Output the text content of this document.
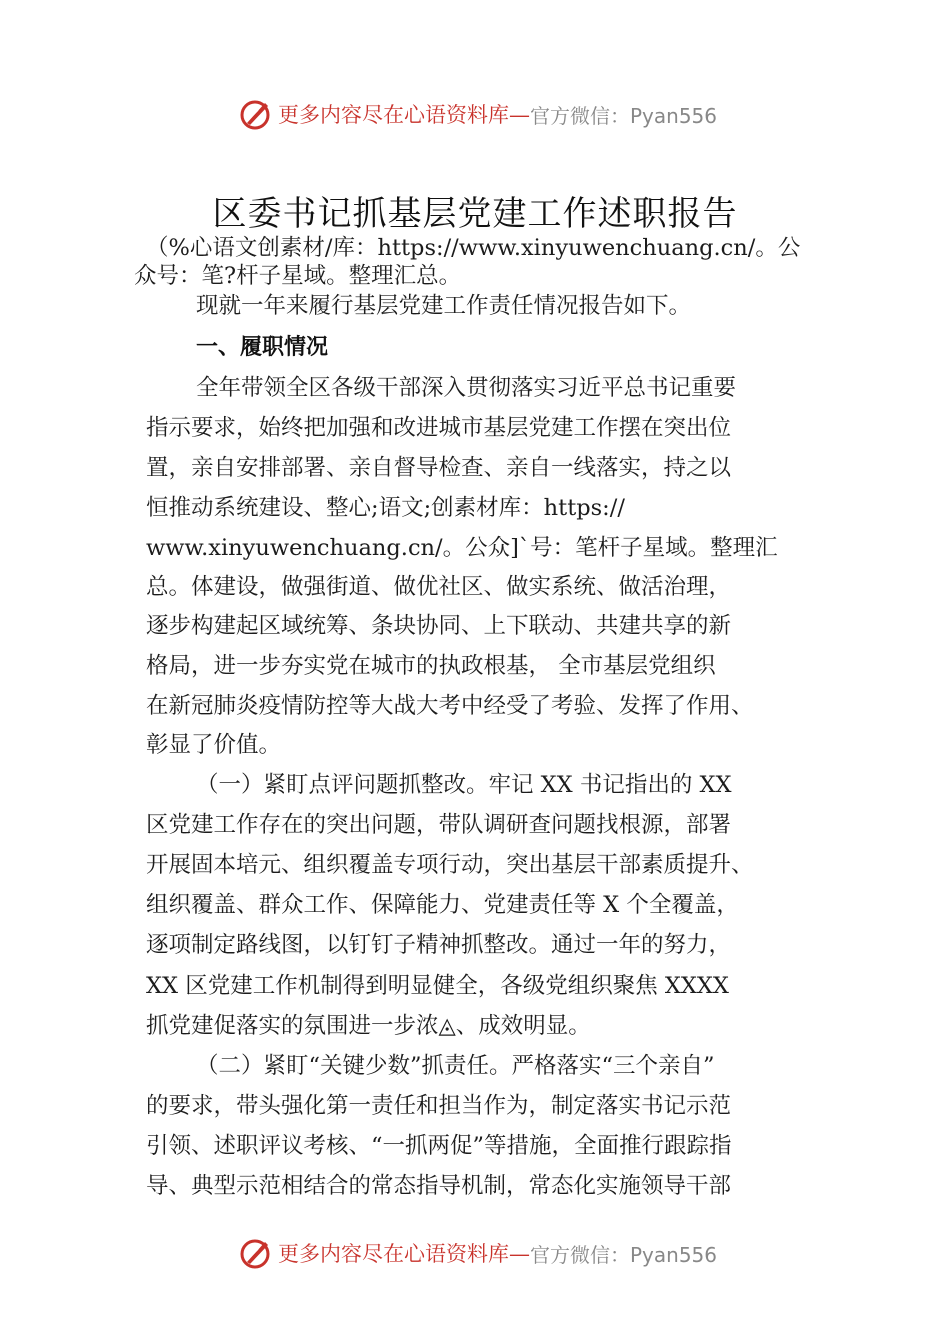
更多内容尽在心语资料库— 官方微信：Pyan556
区委书记抓基层党建工作述职报告
（%心语文创素材/库：https://www.xinyuwenchuang.cn/。公
众号：笔?杆子星域。整理汇总。
现就一年来履行基层党建工作责任情况报告如下。
一、履职情况
全年带领全区各级干部深入贯彻落实习近平总书记重要
指示要求，始终把加强和改进城市基层党建工作摆在突出位
置，亲自安排部署、亲自督导检查、亲自一线落实，持之以
恒推动系统建设、整心;语文;创素材库：https://
www.xinyuwenchuang.cn/。公众]`号：笔杆子星域。整理汇
总。体建设，做强街道、做优社区、做实系统、做活治理，
逐步构建起区域统筹、条块协同、上下联动、共建共享的新
格局，进一步夯实党在城市的执政根基， 全市基层党组织
在新冠肺炎疫情防控等大战大考中经受了考验、发挥了作用、
彰显了价值。
（一）紧盯点评问题抓整改。牢记 XX 书记指出的 XX
区党建工作存在的突出问题，带队调研查问题找根源，部署
开展固本培元、组织覆盖专项行动，突出基层干部素质提升、
组织覆盖、群众工作、保障能力、党建责任等 X 个全覆盖，
逐项制定路线图，以钉钉子精神抓整改。通过一年的努力，
XX 区党建工作机制得到明显健全，各级党组织聚焦 XXXX
抓党建促落实的氛围进一步浓◬、成效明显。
（二）紧盯“关键少数”抓责任。严格落实“三个亲自”
的要求，带头强化第一责任和担当作为，制定落实书记示范
引领、述职评议考核、“一抓两促”等措施，全面推行跟踪指
导、典型示范相结合的常态指导机制，常态化实施领导干部
更多内容尽在心语资料库— 官方微信：Pyan556
